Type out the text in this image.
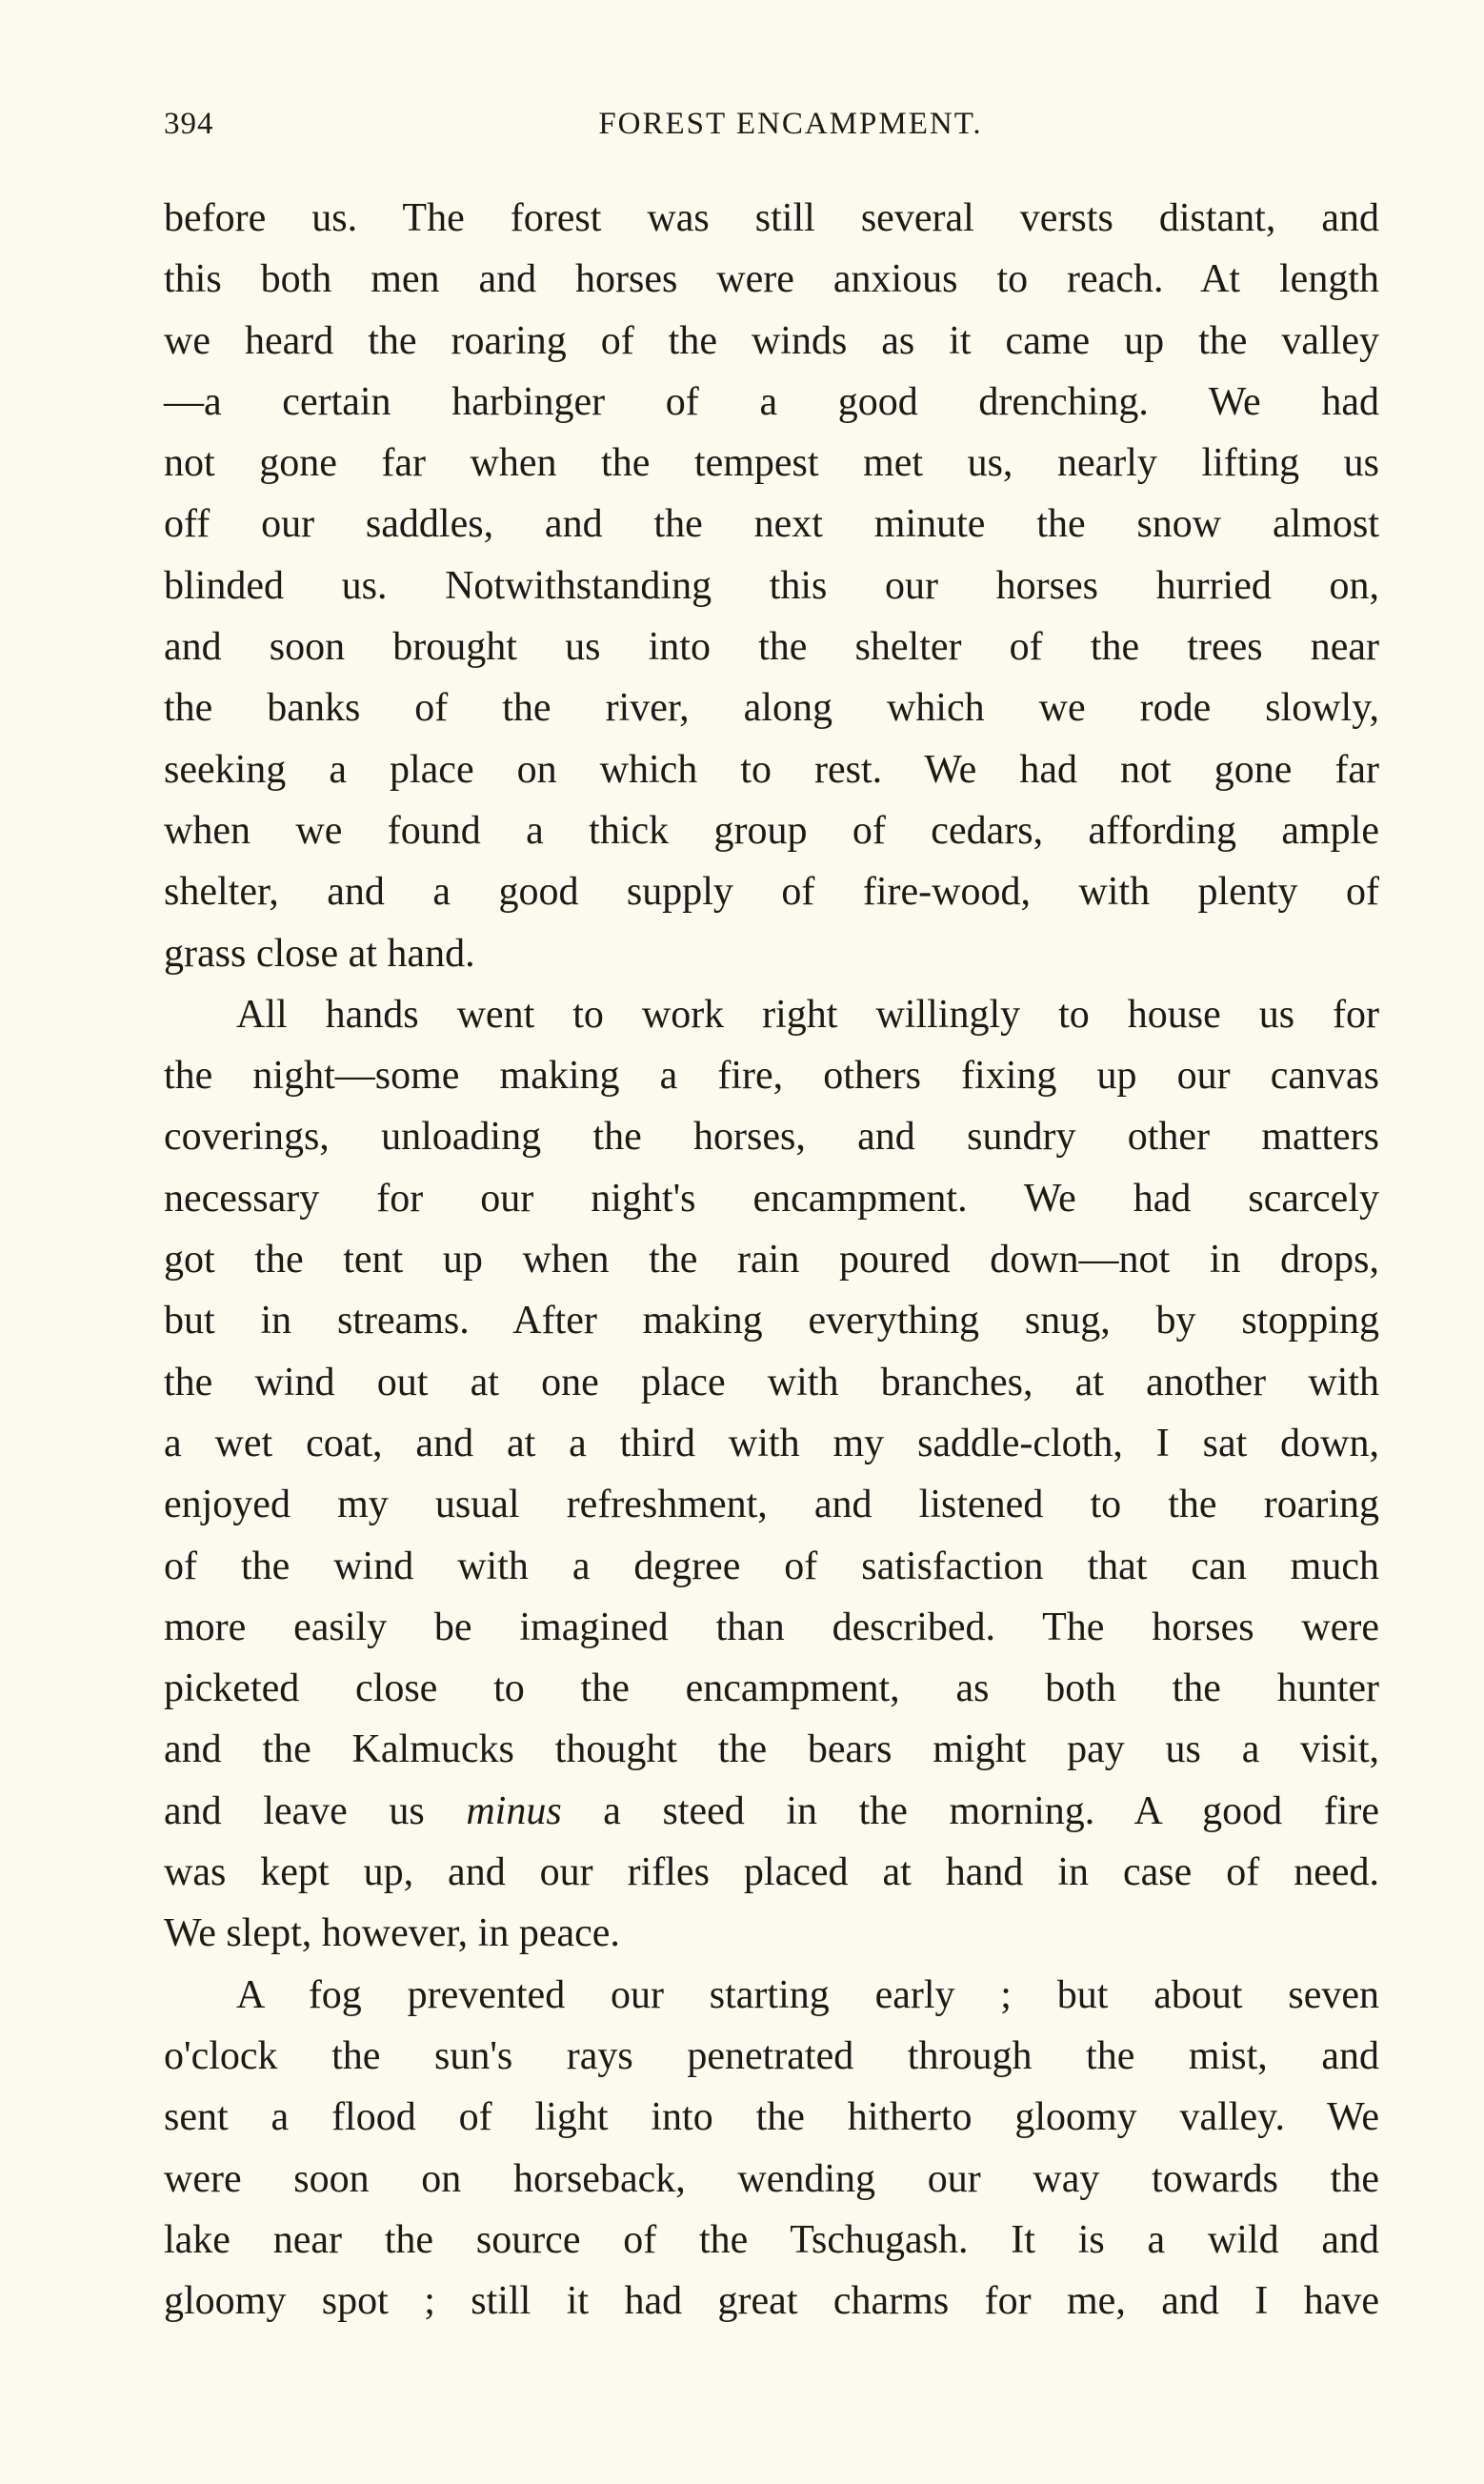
394	FOREST ENCAMPMENT.
before us. The forest was still several versts distant, and
this both men and horses were anxious to reach. At length
we heard the roaring of the winds as it came up the valley
—a certain harbinger of a good drenching. We had
not gone far when the tempest met us, nearly lifting us
off our saddles, and the next minute the snow almost
blinded us. Notwithstanding this our horses hurried on,
and soon brought us into the shelter of the trees near
the banks of the river, along which we rode slowly,
seeking a place on which to rest. We had not gone far
when we found a thick group of cedars, affording ample
shelter, and a good supply of fire-wood, with plenty of
grass close at hand.
All hands went to work right willingly to house us for
the night—some making a fire, others fixing up our canvas
coverings, unloading the horses, and sundry other matters
necessary for our night's encampment. We had scarcely
got the tent up when the rain poured down—not in drops,
but in streams. After making everything snug, by stopping
the wind out at one place with branches, at another with
a wet coat, and at a third with my saddle-cloth, I sat down,
enjoyed my usual refreshment, and listened to the roaring
of the wind with a degree of satisfaction that can much
more easily be imagined than described. The horses were
picketed close to the encampment, as both the hunter
and the Kalmucks thought the bears might pay us a visit,
and leave us minus a steed in the morning. A good fire
was kept up, and our rifles placed at hand in case of need.
We slept, however, in peace.
A fog prevented our starting early ; but about seven
o'clock the sun's rays penetrated through the mist, and
sent a flood of light into the hitherto gloomy valley. We
were soon on horseback, wending our way towards the
lake near the source of the Tschugash. It is a wild and
gloomy spot ; still it had great charms for me, and I have
